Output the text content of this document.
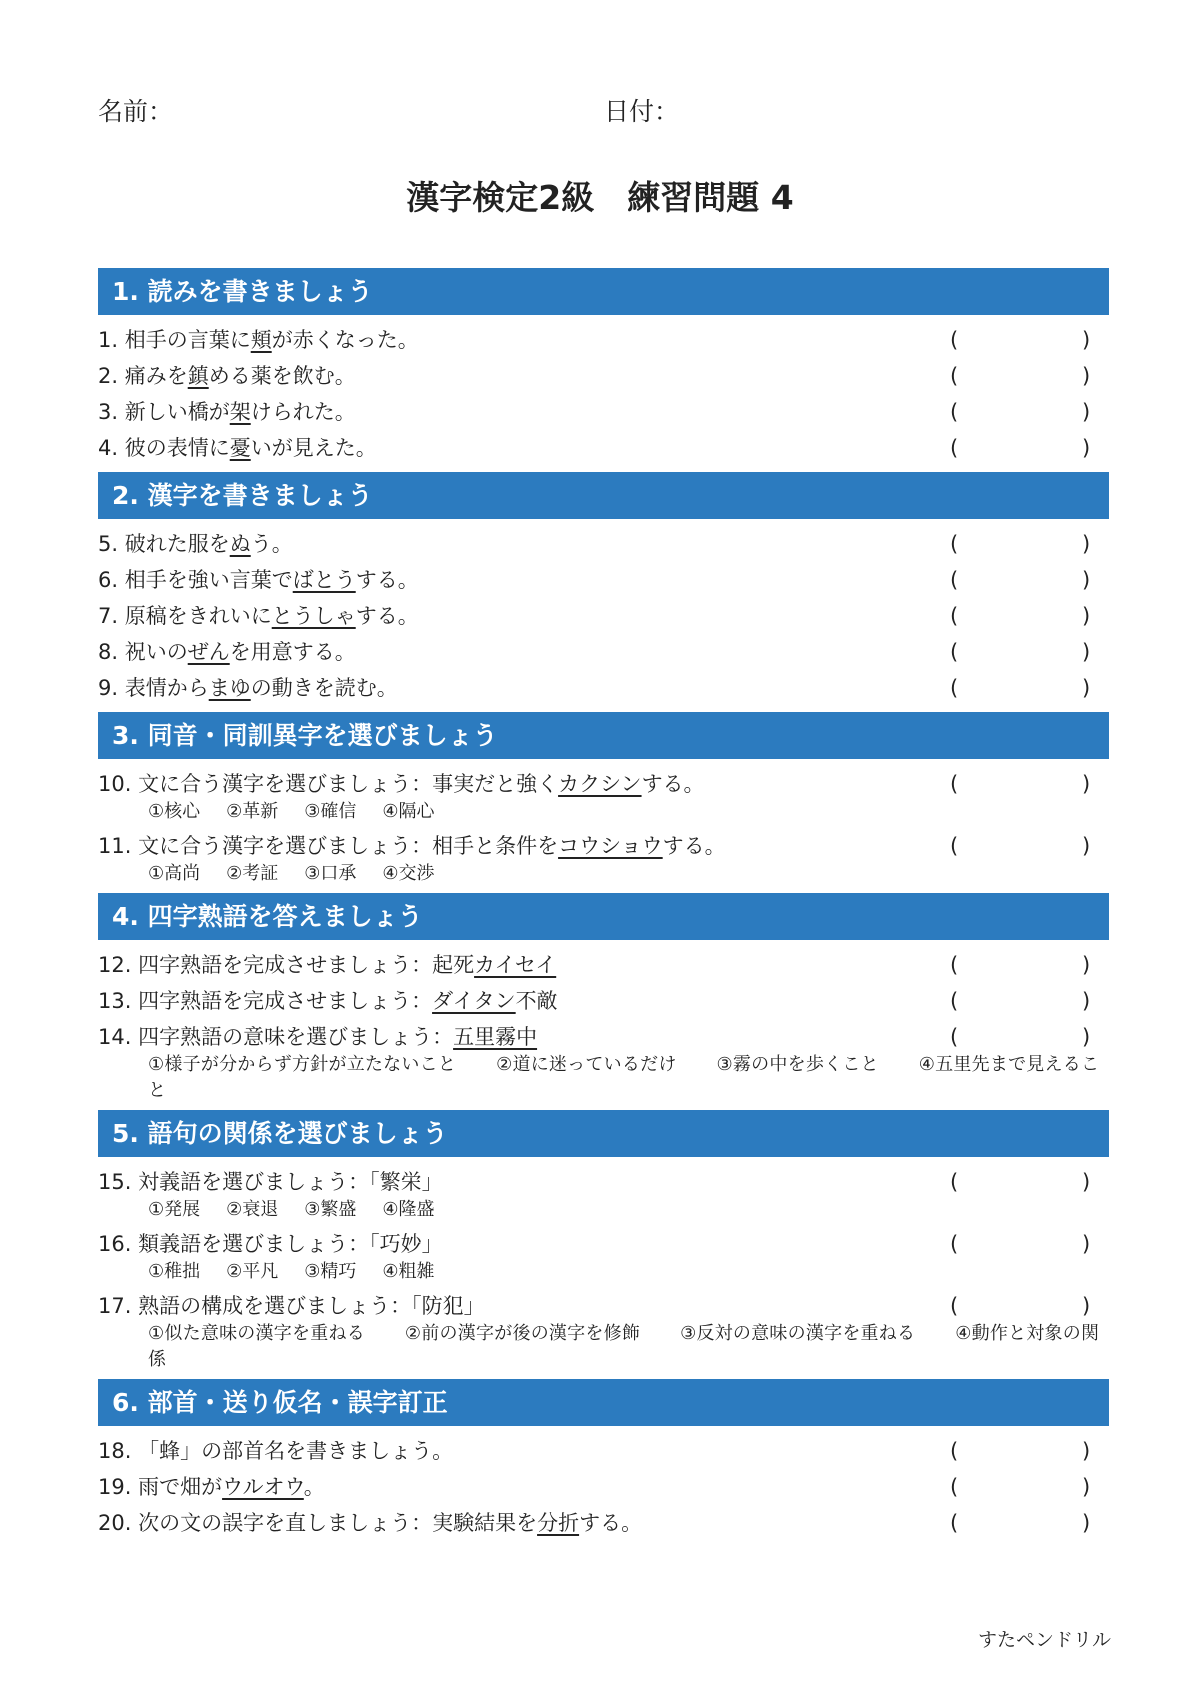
名前：	日付：
漢字検定2級　練習問題 4
1. 読みを書きましょう
1. 相手の言葉に頬が赤くなった。	(	)
2. 痛みを鎮める薬を飲む。	(	)
3. 新しい橋が架けられた。	(	)
4. 彼の表情に憂いが見えた。	(	)
2. 漢字を書きましょう
5. 破れた服をぬう。	(	)
6. 相手を強い言葉でばとうする。	(	)
7. 原稿をきれいにとうしゃする。	(	)
8. 祝いのぜんを用意する。	(	)
9. 表情からまゆの動きを読む。	(	)
3. 同音・同訓異字を選びましょう
10. 文に合う漢字を選びましょう：事実だと強くカクシンする。	(	)
①核心 ②革新 ③確信 ④隔心
11. 文に合う漢字を選びましょう：相手と条件をコウショウする。	(	)
①高尚 ②考証 ③口承 ④交渉
4. 四字熟語を答えましょう
12. 四字熟語を完成させましょう：起死カイセイ	(	)
13. 四字熟語を完成させましょう：ダイタン不敵	(	)
14. 四字熟語の意味を選びましょう：五里霧中	(	)
①様子が分からず方針が立たないこと ②道に迷っているだけ ③霧の中を歩くこと ④五里先まで見えること
5. 語句の関係を選びましょう
15. 対義語を選びましょう：「繁栄」	(	)
①発展 ②衰退 ③繁盛 ④隆盛
16. 類義語を選びましょう：「巧妙」	(	)
①稚拙 ②平凡 ③精巧 ④粗雑
17. 熟語の構成を選びましょう：「防犯」	(	)
①似た意味の漢字を重ねる ②前の漢字が後の漢字を修飾 ③反対の意味の漢字を重ねる ④動作と対象の関係
6. 部首・送り仮名・誤字訂正
18. 「蜂」の部首名を書きましょう。	(	)
19. 雨で畑がウルオウ。	(	)
20. 次の文の誤字を直しましょう：実験結果を分折する。	(	)
すたペンドリル
